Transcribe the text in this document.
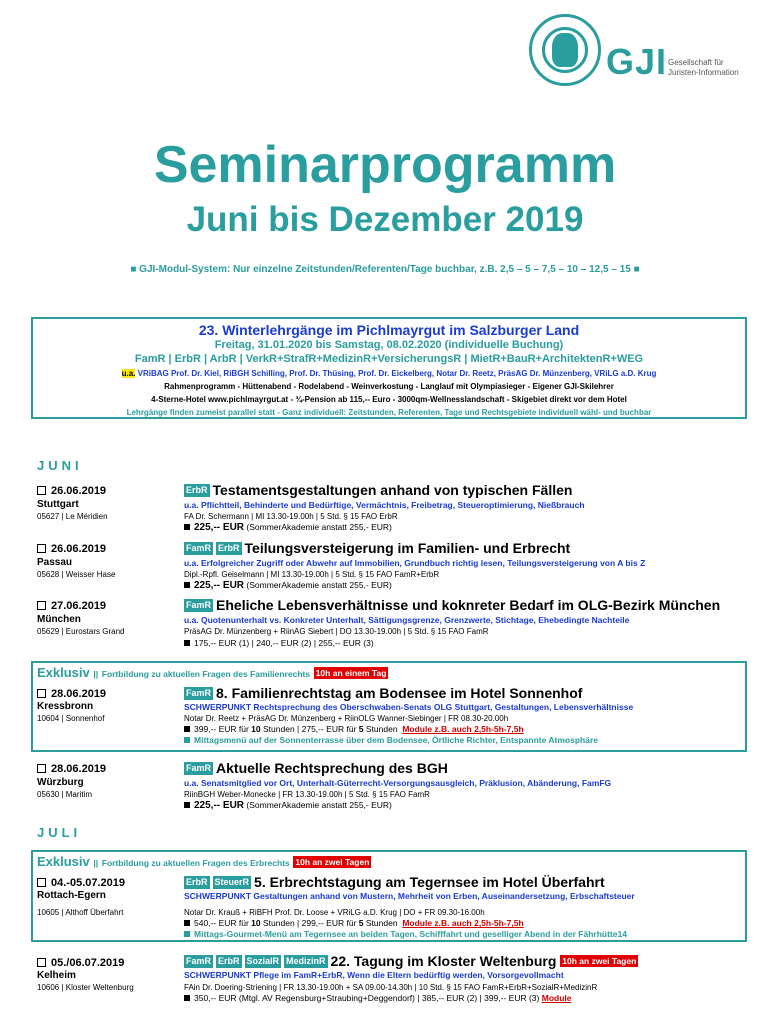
GJI Gesellschaft für
Juristen-Information
Seminarprogramm
Juni bis Dezember 2019
■ GJI-Modul-System: Nur einzelne Zeitstunden/Referenten/Tage buchbar, z.B. 2,5 – 5 – 7,5 – 10 – 12,5 – 15 ■
23. Winterlehrgänge im Pichlmayrgut im Salzburger Land
Freitag, 31.01.2020 bis Samstag, 08.02.2020 (individuelle Buchung)
FamR | ErbR | ArbR | VerkR+StrafR+MedizinR+VersicherungsR | MietR+BauR+ArchitektenR+WEG
u.a. VRiBAG Prof. Dr. Kiel, RiBGH Schilling, Prof. Dr. Thüsing, Prof. Dr. Eickelberg, Notar Dr. Reetz, PräsAG Dr. Münzenberg, VRiLG a.D. Krug
Rahmenprogramm - Hüttenabend - Rodelabend - Weinverkostung - Langlauf mit Olympiasieger - Eigener GJI-Skilehrer
4-Sterne-Hotel www.pichlmayrgut.at - ¾-Pension ab 115,-- Euro - 3000qm-Wellnesslandschaft - Skigebiet direkt vor dem Hotel
Lehrgänge finden zumeist parallel statt - Ganz individuell: Zeitstunden, Referenten, Tage und Rechtsgebiete individuell wähl- und buchbar
JUNI
26.06.2019
Stuttgart
05627 | Le Méridien
ErbR Testamentsgestaltungen anhand von typischen Fällen
u.a. Pflichtteil, Behinderte und Bedürftige, Vermächtnis, Freibetrag, Steueroptimierung, Nießbrauch
FA Dr. Schermann | MI 13.30-19.00h | 5 Std. § 15 FAO ErbR
225,-- EUR (SommerAkademie anstatt 255,- EUR)
26.06.2019
Passau
05628 | Weisser Hase
FamR ErbR Teilungsversteigerung im Familien- und Erbrecht
u.a. Erfolgreicher Zugriff oder Abwehr auf Immobilien, Grundbuch richtig lesen, Teilungsversteigerung von A bis Z
Dipl.-Rpfl. Geiselmann | MI 13.30-19.00h | 5 Std. § 15 FAO FamR+ErbR
225,-- EUR (SommerAkademie anstatt 255,- EUR)
27.06.2019
München
05629 | Eurostars Grand
FamR Eheliche Lebensverhältnisse und koknreter Bedarf im OLG-Bezirk München
u.a. Quotenunterhalt vs. Konkreter Unterhalt, Sättigungsgrenze, Grenzwerte, Stichtage, Ehebedingte Nachteile
PräsAG Dr. Münzenberg + RiinAG Siebert | DO 13.30-19.00h | 5 Std. § 15 FAO FamR
175,-- EUR (1) | 240,-- EUR (2) | 255,-- EUR (3)
Exklusiv || Fortbildung zu aktuellen Fragen des Familienrechts 10h an einem Tag
28.06.2019
Kressbronn
10604 | Sonnenhof
FamR 8. Familienrechtstag am Bodensee im Hotel Sonnenhof
SCHWERPUNKT Rechtsprechung des Oberschwaben-Senats OLG Stuttgart, Gestaltungen, Lebensverhältnisse
Notar Dr. Reetz + PräsAG Dr. Münzenberg + RiinOLG Wanner-Siebinger | FR 08.30-20.00h
399,-- EUR für 10 Stunden | 275,-- EUR für 5 Stunden Module z.B. auch 2,5h-5h-7,5h
Mittagsmenü auf der Sonnenterrasse über dem Bodensee, Örtliche Richter, Entspannte Atmosphäre
28.06.2019
Würzburg
05630 | Maritim
FamR Aktuelle Rechtsprechung des BGH
u.a. Senatsmitglied vor Ort, Unterhalt-Güterrecht-Versorgungsausgleich, Präklusion, Abänderung, FamFG
RiinBGH Weber-Monecke | FR 13.30-19.00h | 5 Std. § 15 FAO FamR
225,-- EUR (SommerAkademie anstatt 255,- EUR)
JULI
Exklusiv || Fortbildung zu aktuellen Fragen des Erbrechts 10h an zwei Tagen
04.-05.07.2019
Rottach-Egern
10605 | Althoff Überfahrt
ErbR SteuerR 5. Erbrechtstagung am Tegernsee im Hotel Überfahrt
SCHWERPUNKT Gestaltungen anhand von Mustern, Mehrheit von Erben, Auseinandersetzung, Erbschaftsteuer
Notar Dr. Krauß + RiBFH Prof. Dr. Loose + VRiLG a.D. Krug | DO + FR 09.30-16.00h
540,-- EUR für 10 Stunden | 299,-- EUR für 5 Stunden Module z.B. auch 2,5h-5h-7,5h
Mittags-Gourmet-Menü am Tegernsee an beiden Tagen, Schifffahrt und geselliger Abend in der Fährhütte14
05./06.07.2019
Kelheim
10606 | Kloster Weltenburg
FamR ErbR SozialR MedizinR 22. Tagung im Kloster Weltenburg 10h an zwei Tagen
SCHWERPUNKT Pflege im FamR+ErbR, Wenn die Eltern bedürftig werden, Vorsorgevollmacht
FAin Dr. Doering-Striening | FR 13.30-19.00h + SA 09.00-14.30h | 10 Std. § 15 FAO FamR+ErbR+SozialR+MedizinR
350,-- EUR (Mtgl. AV Regensburg+Straubing+Deggendorf) | 385,-- EUR (2) | 399,-- EUR (3) Module
